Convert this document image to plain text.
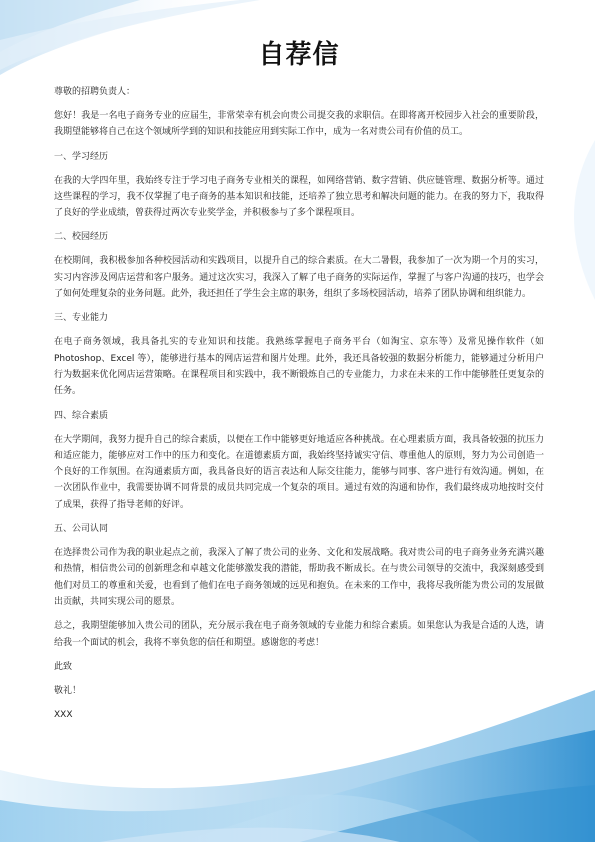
自荐信

尊敬的招聘负责人：

您好！我是一名电子商务专业的应届生，非常荣幸有机会向贵公司提交我的求职信。在即将离开校园步入社会的重要阶段，我期望能够将自己在这个领域所学到的知识和技能应用到实际工作中，成为一名对贵公司有价值的员工。

一、学习经历

在我的大学四年里，我始终专注于学习电子商务专业相关的课程，如网络营销、数字营销、供应链管理、数据分析等。通过这些课程的学习，我不仅掌握了电子商务的基本知识和技能，还培养了独立思考和解决问题的能力。在我的努力下，我取得了良好的学业成绩，曾获得过两次专业奖学金，并积极参与了多个课程项目。

二、校园经历

在校期间，我积极参加各种校园活动和实践项目，以提升自己的综合素质。在大二暑假，我参加了一次为期一个月的实习，实习内容涉及网店运营和客户服务。通过这次实习，我深入了解了电子商务的实际运作，掌握了与客户沟通的技巧，也学会了如何处理复杂的业务问题。此外，我还担任了学生会主席的职务，组织了多场校园活动，培养了团队协调和组织能力。

三、专业能力

在电子商务领域，我具备扎实的专业知识和技能。我熟练掌握电子商务平台（如淘宝、京东等）及常见操作软件（如 Photoshop、Excel 等），能够进行基本的网店运营和图片处理。此外，我还具备较强的数据分析能力，能够通过分析用户行为数据来优化网店运营策略。在课程项目和实践中，我不断锻炼自己的专业能力，力求在未来的工作中能够胜任更复杂的任务。

四、综合素质

在大学期间，我努力提升自己的综合素质，以便在工作中能够更好地适应各种挑战。在心理素质方面，我具备较强的抗压力和适应能力，能够应对工作中的压力和变化。在道德素质方面，我始终坚持诚实守信、尊重他人的原则，努力为公司创造一个良好的工作氛围。在沟通素质方面，我具备良好的语言表达和人际交往能力，能够与同事、客户进行有效沟通。例如，在一次团队作业中，我需要协调不同背景的成员共同完成一个复杂的项目。通过有效的沟通和协作，我们最终成功地按时交付了成果，获得了指导老师的好评。

五、公司认同

在选择贵公司作为我的职业起点之前，我深入了解了贵公司的业务、文化和发展战略。我对贵公司的电子商务业务充满兴趣和热情，相信贵公司的创新理念和卓越文化能够激发我的潜能，帮助我不断成长。在与贵公司领导的交流中，我深刻感受到他们对员工的尊重和关爱，也看到了他们在电子商务领域的远见和抱负。在未来的工作中，我将尽我所能为贵公司的发展做出贡献，共同实现公司的愿景。

总之，我期望能够加入贵公司的团队，充分展示我在电子商务领域的专业能力和综合素质。如果您认为我是合适的人选，请给我一个面试的机会，我将不辜负您的信任和期望。感谢您的考虑！

此致

敬礼！

XXX
